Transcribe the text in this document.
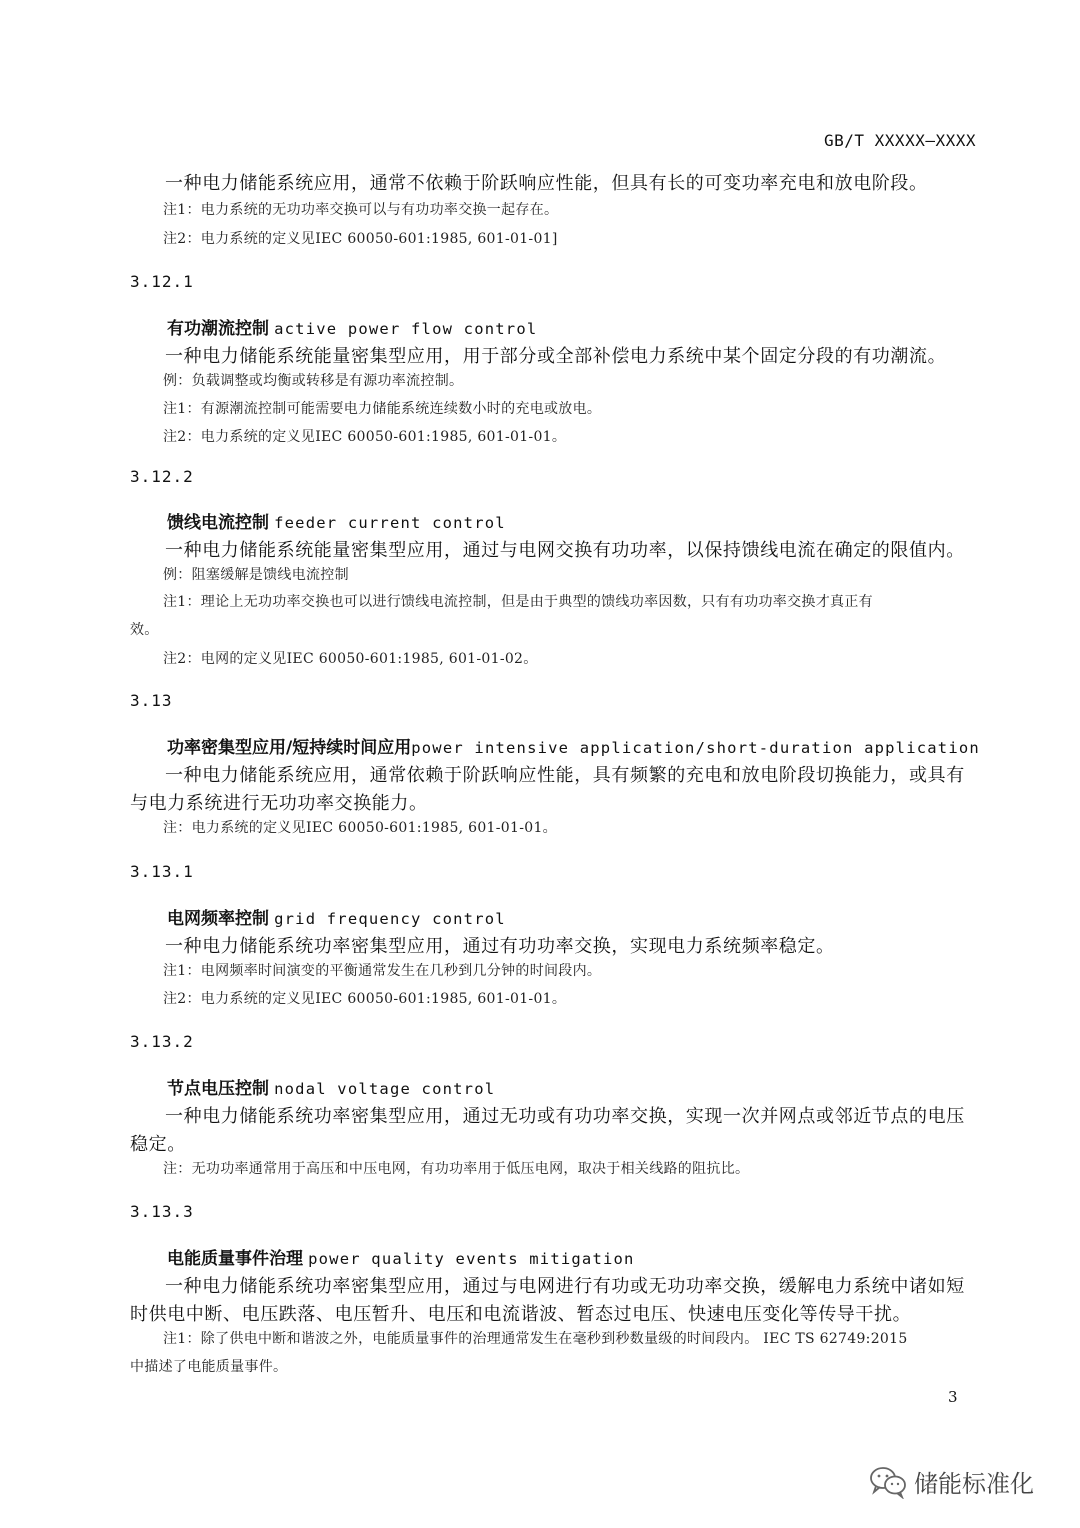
GB/T XXXXX—XXXX
一种电力储能系统应用，通常不依赖于阶跃响应性能，但具有长的可变功率充电和放电阶段。
注1：电力系统的无功功率交换可以与有功功率交换一起存在。
注2：电力系统的定义见IEC 60050-601:1985, 601-01-01]
3.12.1
有功潮流控制 active power flow control
一种电力储能系统能量密集型应用，用于部分或全部补偿电力系统中某个固定分段的有功潮流。
例：负载调整或均衡或转移是有源功率流控制。
注1：有源潮流控制可能需要电力储能系统连续数小时的充电或放电。
注2：电力系统的定义见IEC 60050-601:1985, 601-01-01。
3.12.2
馈线电流控制 feeder current control
一种电力储能系统能量密集型应用，通过与电网交换有功功率，以保持馈线电流在确定的限值内。
例：阻塞缓解是馈线电流控制
注1：理论上无功功率交换也可以进行馈线电流控制，但是由于典型的馈线功率因数，只有有功功率交换才真正有
效。
注2：电网的定义见IEC 60050-601:1985, 601-01-02。
3.13
功率密集型应用/短持续时间应用power intensive application/short-duration application
一种电力储能系统应用，通常依赖于阶跃响应性能，具有频繁的充电和放电阶段切换能力，或具有
与电力系统进行无功功率交换能力。
注：电力系统的定义见IEC 60050-601:1985, 601-01-01。
3.13.1
电网频率控制 grid frequency control
一种电力储能系统功率密集型应用，通过有功功率交换，实现电力系统频率稳定。
注1：电网频率时间演变的平衡通常发生在几秒到几分钟的时间段内。
注2：电力系统的定义见IEC 60050-601:1985, 601-01-01。
3.13.2
节点电压控制 nodal voltage control
一种电力储能系统功率密集型应用，通过无功或有功功率交换，实现一次并网点或邻近节点的电压
稳定。
注：无功功率通常用于高压和中压电网，有功功率用于低压电网，取决于相关线路的阻抗比。
3.13.3
电能质量事件治理 power quality events mitigation
一种电力储能系统功率密集型应用，通过与电网进行有功或无功功率交换，缓解电力系统中诸如短
时供电中断、电压跌落、电压暂升、电压和电流谐波、暂态过电压、快速电压变化等传导干扰。
注1：除了供电中断和谐波之外，电能质量事件的治理通常发生在毫秒到秒数量级的时间段内。 IEC TS 62749:2015
中描述了电能质量事件。
3
储能标准化
